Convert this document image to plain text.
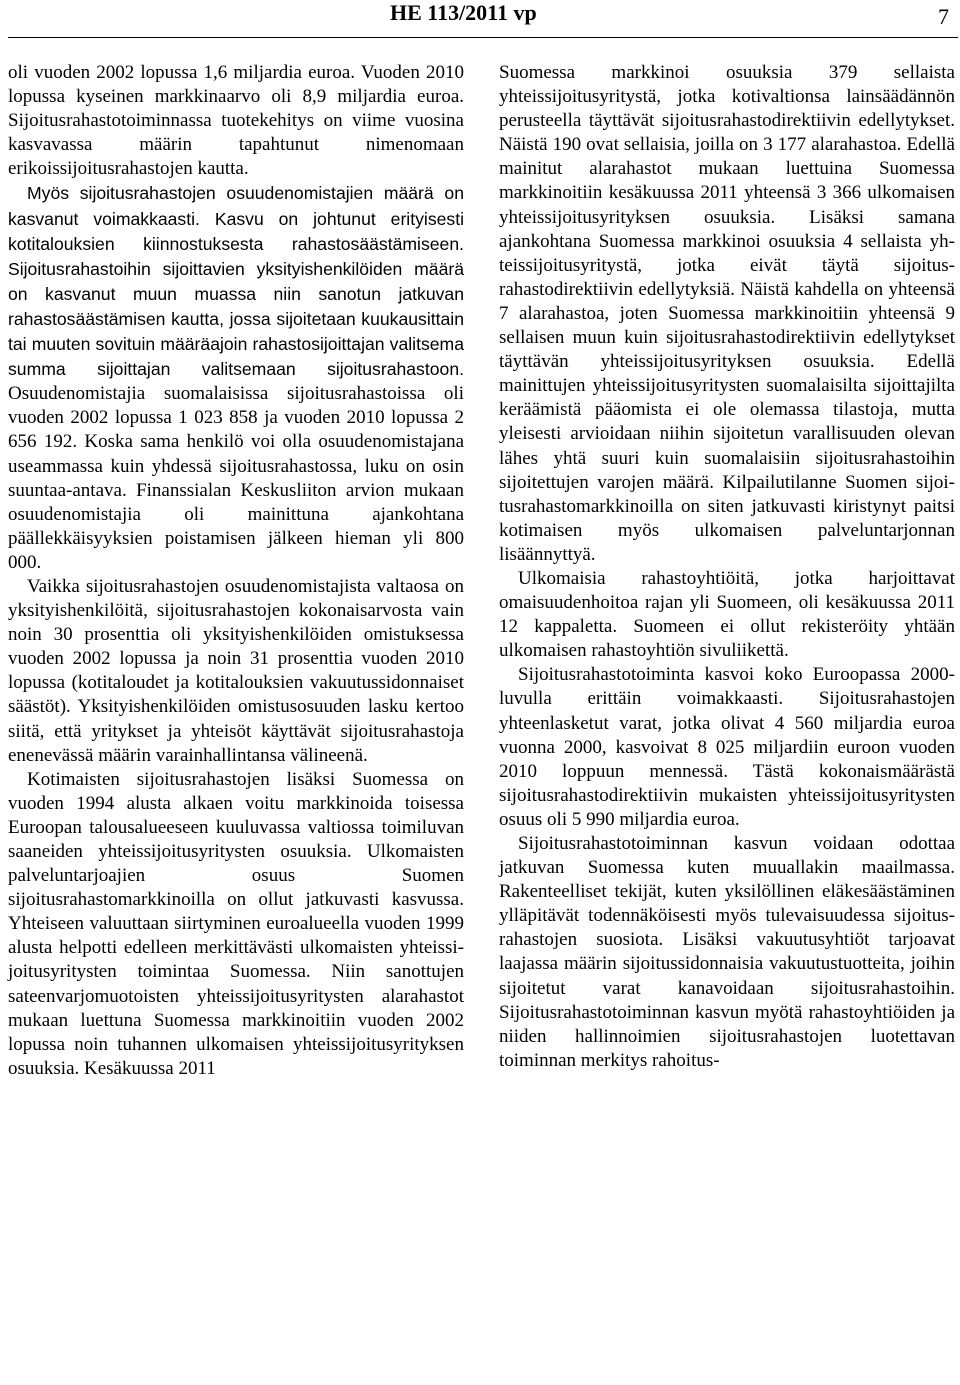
HE 113/2011 vp	7

oli vuoden 2002 lopussa 1,6 miljardia euroa. Vuoden 2010 lopussa kyseinen markkinaarvo oli 8,9 miljardia euroa. Sijoitusrahastotoiminnassa tuotekehitys on viime vuosina kasvavassa määrin tapahtunut nimenomaan erikoissijoitusrahastojen kautta.

Myös sijoitusrahastojen osuudenomistajien määrä on kasvanut voimakkaasti. Kasvu on johtunut erityisesti kotitalouksien kiinnostuksesta rahastosäästämiseen. Sijoitusrahastoihin sijoittavien yksityishenkilöiden määrä on kasvanut muun muassa niin sanotun jatkuvan rahastosäästämisen kautta, jossa sijoitetaan kuukausittain tai muuten sovituin määräajoin rahastosijoittajan valitsema summa sijoittajan valitsemaan sijoitusrahastoon. Osuudenomistajia suomalaisissa sijoitusrahastoissa oli vuoden 2002 lopussa 1 023 858 ja vuoden 2010 lopussa 2 656 192. Koska sama henkilö voi olla osuudenomistajana useammassa kuin yhdessä sijoitusrahastossa, luku on osin suuntaa-antava. Finanssialan Keskusliiton arvion mukaan osuudenomistajia oli mainittuna ajankohtana päällekkäisyyksien poistamisen jälkeen hieman yli 800 000.

Vaikka sijoitusrahastojen osuudenomistajista valtaosa on yksityishenkilöitä, sijoitusrahastojen kokonaisarvosta vain noin 30 prosenttia oli yksityishenkilöiden omistuksessa vuoden 2002 lopussa ja noin 31 prosenttia vuoden 2010 lopussa (kotitaloudet ja kotitalouksien vakuutussidonnaiset säästöt). Yksityishenkilöiden omistusosuuden lasku kertoo siitä, että yritykset ja yhteisöt käyttävät sijoitusrahastoja enenevässä määrin varainhallintansa välineenä.

Kotimaisten sijoitusrahastojen lisäksi Suomessa on vuoden 1994 alusta alkaen voitu markkinoida toisessa Euroopan talousalueeseen kuuluvassa valtiossa toimiluvan saaneiden yhteissijoitusyritysten osuuksia. Ulkomaisten palveluntarjoajien osuus Suomen sijoitusrahastomarkkinoilla on ollut jatkuvasti kasvussa. Yhteiseen valuuttaan siirtyminen euroalueella vuoden 1999 alusta helpotti edelleen merkittävästi ulkomaisten yhteissijoitusyritysten toimintaa Suomessa. Niin sanottujen sateenvarjomuotoisten yhteissijoitusyritysten alarahastot mukaan luettuna Suomessa markkinoitiin vuoden 2002 lopussa noin tuhannen ulkomaisen yhteissijoitusyrityksen osuuksia. Kesäkuussa 2011

Suomessa markkinoi osuuksia 379 sellaista yhteissijoitusyritystä, jotka kotivaltionsa lainsäädännön perusteella täyttävät sijoitusrahastodirektiivin edellytykset. Näistä 190 ovat sellaisia, joilla on 3 177 alarahastoa. Edellä mainitut alarahastot mukaan luettuina Suomessa markkinoitiin kesäkuussa 2011 yhteensä 3 366 ulkomaisen yhteissijoitusyrityksen osuuksia. Lisäksi samana ajankohtana Suomessa markkinoi osuuksia 4 sellaista yhteissijoitusyritystä, jotka eivät täytä sijoitusrahastodirektiivin edellytyksiä. Näistä kahdella on yhteensä 7 alarahastoa, joten Suomessa markkinoitiin yhteensä 9 sellaisen muun kuin sijoitusrahastodirektiivin edellytykset täyttävän yhteissijoitusyrityksen osuuksia. Edellä mainittujen yhteissijoitusyritysten suomalaisilta sijoittajilta keräämistä pääomista ei ole olemassa tilastoja, mutta yleisesti arvioidaan niihin sijoitetun varallisuuden olevan lähes yhtä suuri kuin suomalaisiin sijoitusrahastoihin sijoitettujen varojen määrä. Kilpailutilanne Suomen sijoitusrahastomarkkinoilla on siten jatkuvasti kiristynyt paitsi kotimaisen myös ulkomaisen palveluntarjonnan lisäännyttyä.

Ulkomaisia rahastoyhtiöitä, jotka harjoittavat omaisuudenhoitoa rajan yli Suomeen, oli kesäkuussa 2011 12 kappaletta. Suomeen ei ollut rekisteröity yhtään ulkomaisen rahastoyhtiön sivuliikettä.

Sijoitusrahastotoiminta kasvoi koko Euroopassa 2000-luvulla erittäin voimakkaasti. Sijoitusrahastojen yhteenlasketut varat, jotka olivat 4 560 miljardia euroa vuonna 2000, kasvoivat 8 025 miljardiin euroon vuoden 2010 loppuun mennessä. Tästä kokonaismäärästä sijoitusrahastodirektiivin mukaisten yhteissijoitusyritysten osuus oli 5 990 miljardia euroa.

Sijoitusrahastotoiminnan kasvun voidaan odottaa jatkuvan Suomessa kuten muuallakin maailmassa. Rakenteelliset tekijät, kuten yksilöllinen eläkesäästäminen ylläpitävät todennäköisesti myös tulevaisuudessa sijoitusrahastojen suosiota. Lisäksi vakuutusyhtiöt tarjoavat laajassa määrin sijoitussidonnaisia vakuutustuotteita, joihin sijoitetut varat kanavoidaan sijoitusrahastoihin. Sijoitusrahastotoiminnan kasvun myötä rahastoyhtiöiden ja niiden hallinnoimien sijoitusrahastojen luotettavan toiminnan merkitys rahoitus-
